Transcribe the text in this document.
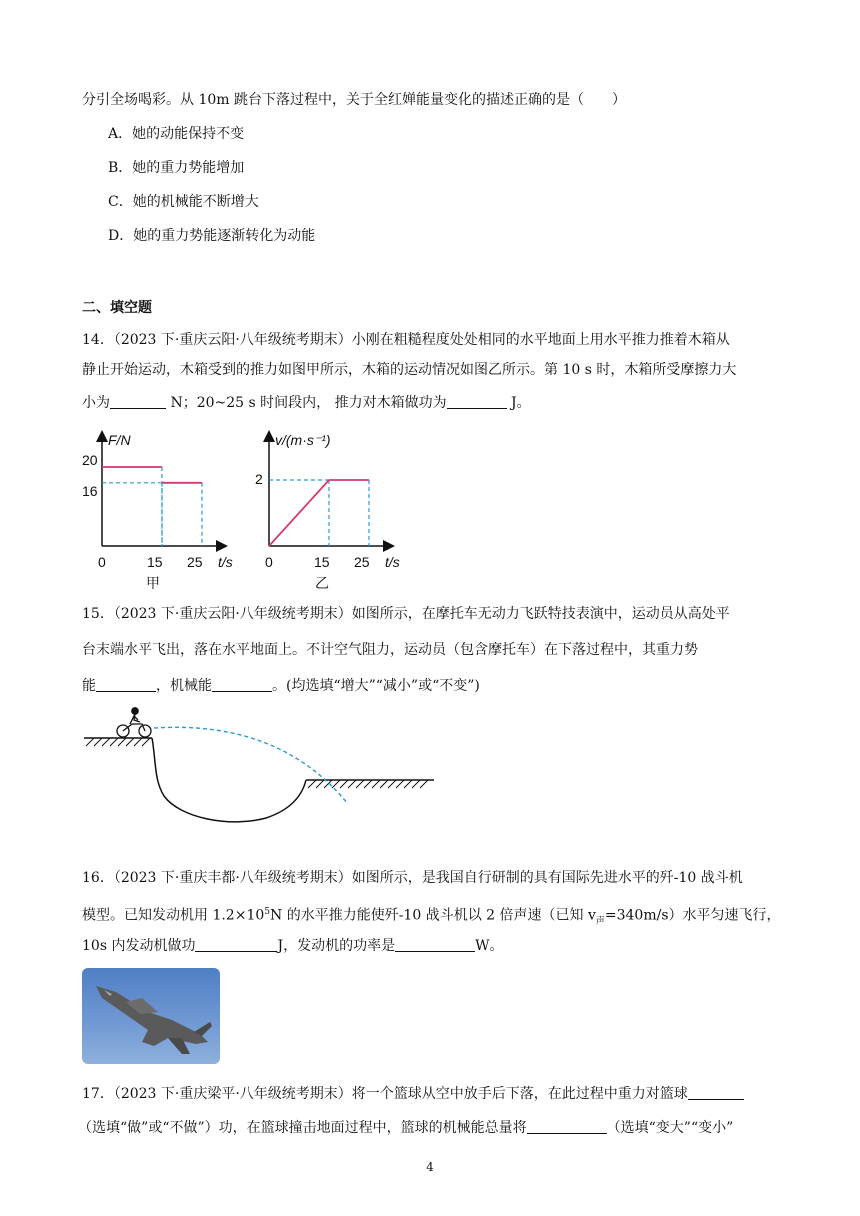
分引全场喝彩。从 10m 跳台下落过程中，关于全红婵能量变化的描述正确的是（　　）
A．她的动能保持不变
B．她的重力势能增加
C．她的机械能不断增大
D．她的重力势能逐渐转化为动能
二、填空题
14．（2023 下·重庆云阳·八年级统考期末）小刚在粗糙程度处处相同的水平地面上用水平推力推着木箱从
静止开始运动，木箱受到的推力如图甲所示，木箱的运动情况如图乙所示。第 10 s 时，木箱所受摩擦力大
小为	N；20~25 s 时间段内， 推力对木箱做功为	J。
F/N
20
16
0	15 25 t/s
甲
v/(m·s⁻¹)
2
0	15 25 t/s
乙
15．（2023 下·重庆云阳·八年级统考期末）如图所示，在摩托车无动力飞跃特技表演中，运动员从高处平
台末端水平飞出，落在水平地面上。不计空气阻力，运动员（包含摩托车）在下落过程中，其重力势
能	，机械能	。(均选填“增大”“减小”或“不变”)
16．（2023 下·重庆丰都·八年级统考期末）如图所示，是我国自行研制的具有国际先进水平的歼-10 战斗机
模型。已知发动机用 $1.2\times 10^5N$ 的水平推力能使歼-10 战斗机以 2 倍声速（已知 $v_声=340m/s$）水平匀速飞行，
10s 内发动机做功	J，发动机的功率是	W。
17．（2023 下·重庆梁平·八年级统考期末）将一个篮球从空中放手后下落，在此过程中重力对篮球
（选填“做”或“不做”）功，在篮球撞击地面过程中，篮球的机械能总量将	（选填“变大”“变小”
4
